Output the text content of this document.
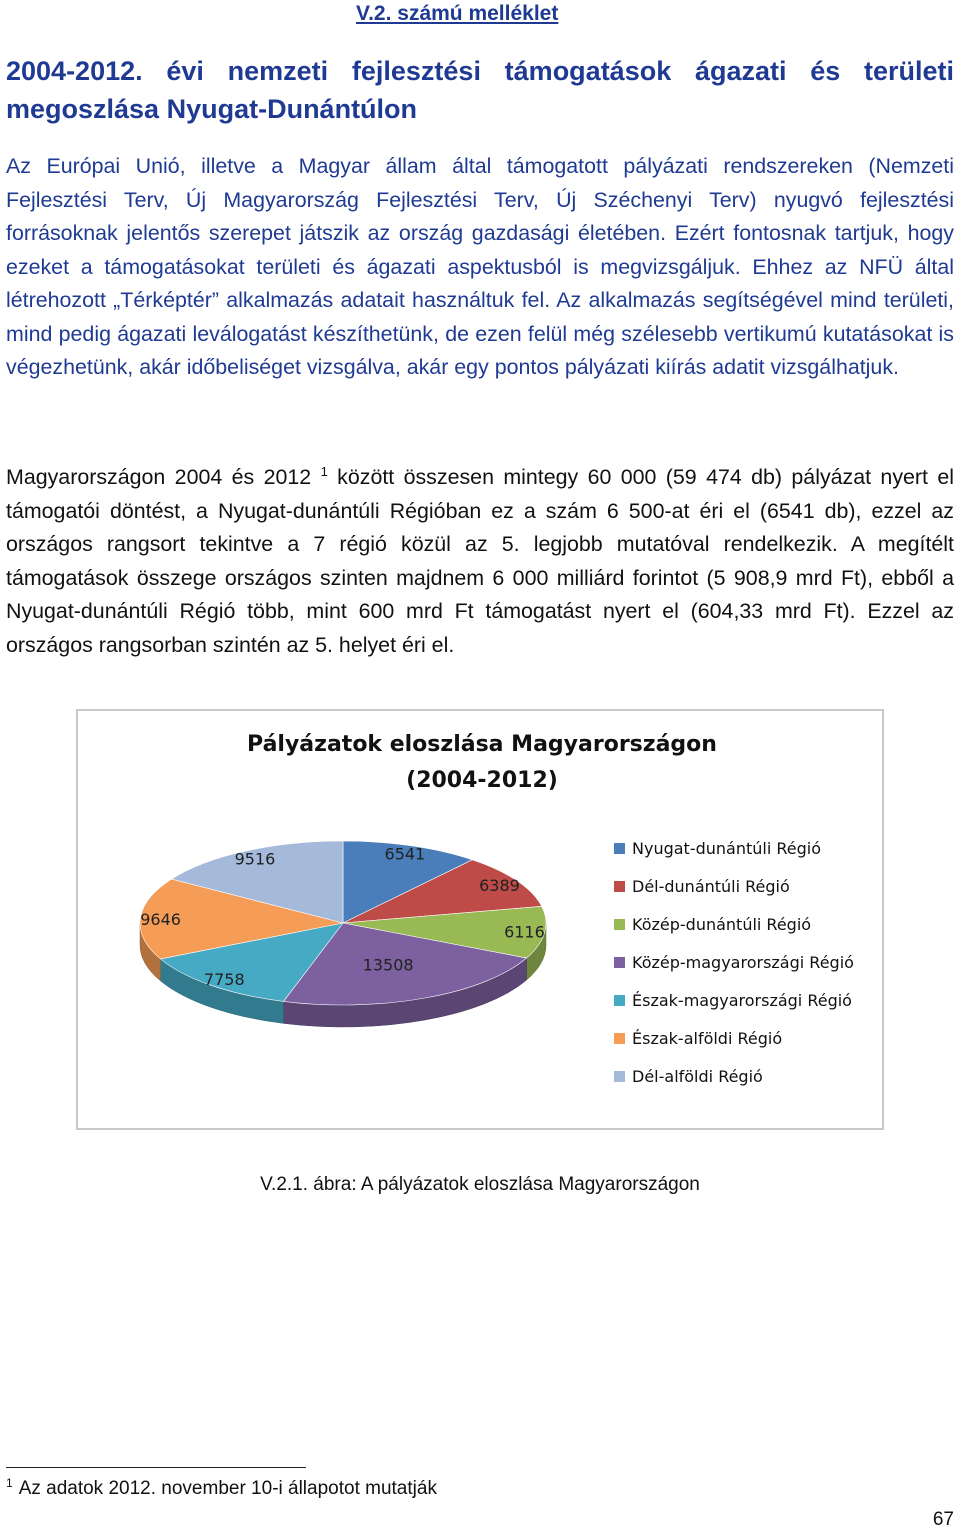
V.2. számú melléklet
2004-2012. évi nemzeti fejlesztési támogatások ágazati és területi megoszlása Nyugat-Dunántúlon

Az Európai Unió, illetve a Magyar állam által támogatott pályázati rendszereken (Nemzeti Fejlesztési Terv, Új Magyarország Fejlesztési Terv, Új Széchenyi Terv) nyugvó fejlesztési forrásoknak jelentős szerepet játszik az ország gazdasági életében. Ezért fontosnak tartjuk, hogy ezeket a támogatásokat területi és ágazati aspektusból is megvizsgáljuk. Ehhez az NFÜ által létrehozott „Térképtér” alkalmazás adatait használtuk fel. Az alkalmazás segítségével mind területi, mind pedig ágazati leválogatást készíthetünk, de ezen felül még szélesebb vertikumú kutatásokat is végezhetünk, akár időbeliséget vizsgálva, akár egy pontos pályázati kiírás adatit vizsgálhatjuk.

Magyarországon 2004 és 2012 $^1$ között összesen mintegy 60 000 (59 474 db) pályázat nyert el támogatói döntést, a Nyugat-dunántúli Régióban ez a szám 6 500-at éri el (6541 db), ezzel az országos rangsort tekintve a 7 régió közül az 5. legjobb mutatóval rendelkezik. A megítélt támogatások összege országos szinten majdnem 6 000 milliárd forintot (5 908,9 mrd Ft), ebből a Nyugat-dunántúli Régió több, mint 600 mrd Ft támogatást nyert el (604,33 mrd Ft). Ezzel az országos rangsorban szintén az 5. helyet éri el.

Pályázatok eloszlása Magyarországon
(2004-2012)
6541
6389
6116
13508
7758
9646
9516
Nyugat-dunántúli Régió
Dél-dunántúli Régió
Közép-dunántúli Régió
Közép-magyarországi Régió
Észak-magyarországi Régió
Észak-alföldi Régió
Dél-alföldi Régió
V.2.1. ábra: A pályázatok eloszlása Magyarországon
$^1$ Az adatok 2012. november 10-i állapotot mutatják
67
